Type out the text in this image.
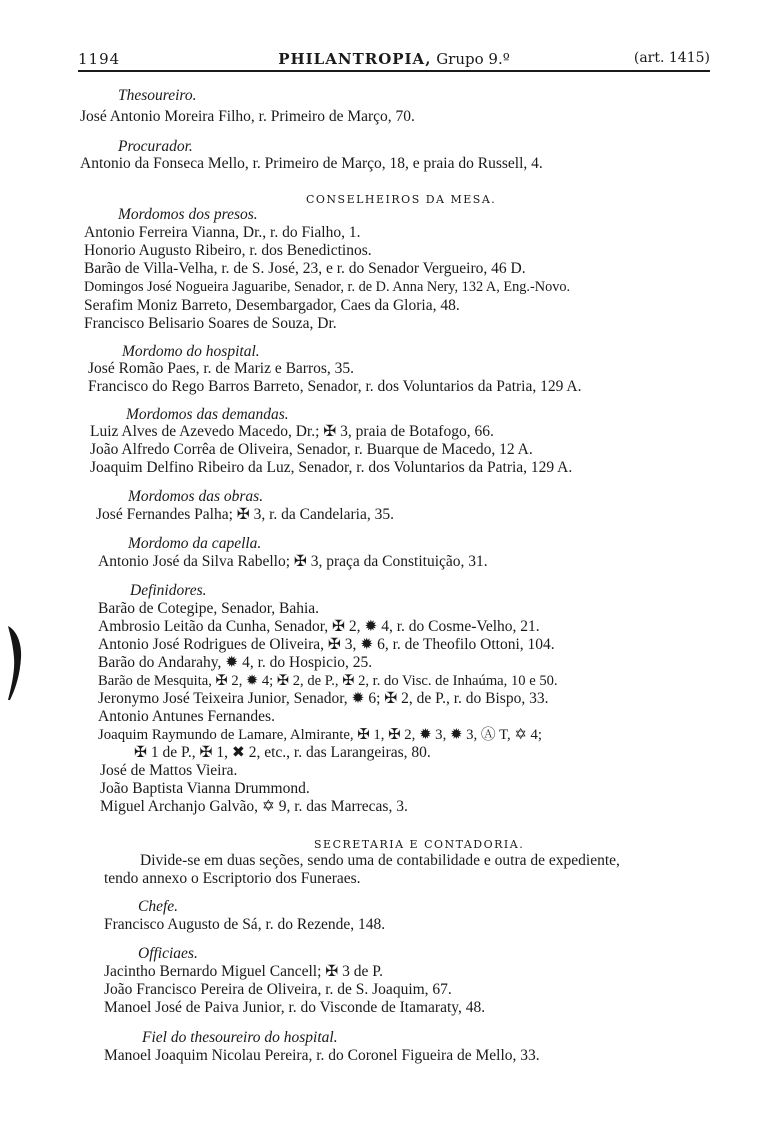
1194	PHILANTROPIA, Grupo 9.º	(art. 1415)
Thesoureiro.
José Antonio Moreira Filho, r. Primeiro de Março, 70.
Procurador.
Antonio da Fonseca Mello, r. Primeiro de Março, 18, e praia do Russell, 4.
CONSELHEIROS DA MESA.
Mordomos dos presos.
Antonio Ferreira Vianna, Dr., r. do Fialho, 1.
Honorio Augusto Ribeiro, r. dos Benedictinos.
Barão de Villa-Velha, r. de S. José, 23, e r. do Senador Vergueiro, 46 D.
Domingos José Nogueira Jaguaribe, Senador, r. de D. Anna Nery, 132 A, Eng.-Novo.
Serafim Moniz Barreto, Desembargador, Caes da Gloria, 48.
Francisco Belisario Soares de Souza, Dr.
Mordomo do hospital.
José Romão Paes, r. de Mariz e Barros, 35.
Francisco do Rego Barros Barreto, Senador, r. dos Voluntarios da Patria, 129 A.
Mordomos das demandas.
Luiz Alves de Azevedo Macedo, Dr.; ✠ 3, praia de Botafogo, 66.
João Alfredo Corrêa de Oliveira, Senador, r. Buarque de Macedo, 12 A.
Joaquim Delfino Ribeiro da Luz, Senador, r. dos Voluntarios da Patria, 129 A.
Mordomos das obras.
José Fernandes Palha; ✠ 3, r. da Candelaria, 35.
Mordomo da capella.
Antonio José da Silva Rabello; ✠ 3, praça da Constituição, 31.
Definidores.
Barão de Cotegipe, Senador, Bahia.
Ambrosio Leitão da Cunha, Senador, ✠ 2, ✹ 4, r. do Cosme-Velho, 21.
Antonio José Rodrigues de Oliveira, ✠ 3, ✹ 6, r. de Theofilo Ottoni, 104.
Barão do Andarahy, ✹ 4, r. do Hospicio, 25.
Barão de Mesquita, ✠ 2, ✹ 4; ✠ 2, de P., ✠ 2, r. do Visc. de Inhaúma, 10 e 50.
Jeronymo José Teixeira Junior, Senador, ✹ 6; ✠ 2, de P., r. do Bispo, 33.
Antonio Antunes Fernandes.
Joaquim Raymundo de Lamare, Almirante, ✠ 1, ✠ 2, ✹ 3, ✹ 3, Ⓐ T, ✡ 4;
✠ 1 de P., ✠ 1, ✖ 2, etc., r. das Larangeiras, 80.
José de Mattos Vieira.
João Baptista Vianna Drummond.
Miguel Archanjo Galvão, ✡ 9, r. das Marrecas, 3.
SECRETARIA E CONTADORIA.
Divide-se em duas seções, sendo uma de contabilidade e outra de expediente,
tendo annexo o Escriptorio dos Funeraes.
Chefe.
Francisco Augusto de Sá, r. do Rezende, 148.
Officiaes.
Jacintho Bernardo Miguel Cancell; ✠ 3 de P.
João Francisco Pereira de Oliveira, r. de S. Joaquim, 67.
Manoel José de Paiva Junior, r. do Visconde de Itamaraty, 48.
Fiel do thesoureiro do hospital.
Manoel Joaquim Nicolau Pereira, r. do Coronel Figueira de Mello, 33.
